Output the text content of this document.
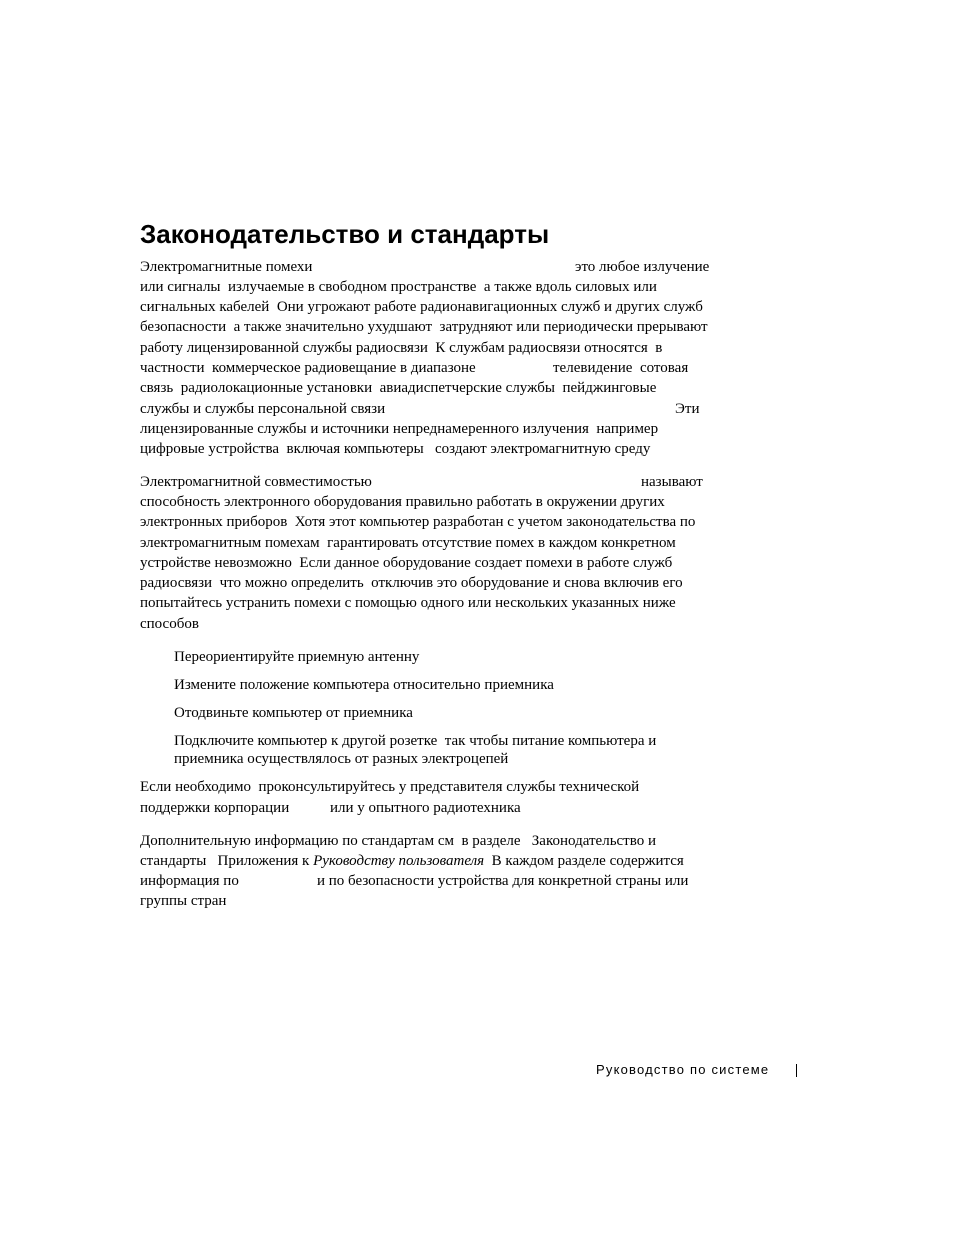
Законодательство и стандарты

Электромагнитные помехи	это любое излучение

или сигналы  излучаемые в свободном пространстве  а также вдоль силовых или

сигнальных кабелей  Они угрожают работе радионавигационных служб и других служб

безопасности  а также значительно ухудшают  затрудняют или периодически прерывают

работу лицензированной службы радиосвязи  К службам радиосвязи относятся  в

частности  коммерческое радиовещание в диапазоне	телевидение  сотовая

связь  радиолокационные установки  авиадиспетчерские службы  пейджинговые

службы и службы персональной связи	Эти

лицензированные службы и источники непреднамеренного излучения  например

цифровые устройства  включая компьютеры   создают электромагнитную среду

Электромагнитной совместимостью	называют

способность электронного оборудования правильно работать в окружении других

электронных приборов  Хотя этот компьютер разработан с учетом законодательства по

электромагнитным помехам  гарантировать отсутствие помех в каждом конкретном

устройстве невозможно  Если данное оборудование создает помехи в работе служб

радиосвязи  что можно определить  отключив это оборудование и снова включив его

попытайтесь устранить помехи с помощью одного или нескольких указанных ниже

способов

Переориентируйте приемную антенну

Измените положение компьютера относительно приемника

Отодвиньте компьютер от приемника

Подключите компьютер к другой розетке  так чтобы питание компьютера и

приемника осуществлялось от разных электроцепей

Если необходимо  проконсультируйтесь у представителя службы технической

поддержки корпорации	или у опытного радиотехника

Дополнительную информацию по стандартам см  в разделе   Законодательство и

стандарты   Приложения к Руководству пользователя  В каждом разделе содержится

информация по	и по безопасности устройства для конкретной страны или

группы стран

Руководство по системе
